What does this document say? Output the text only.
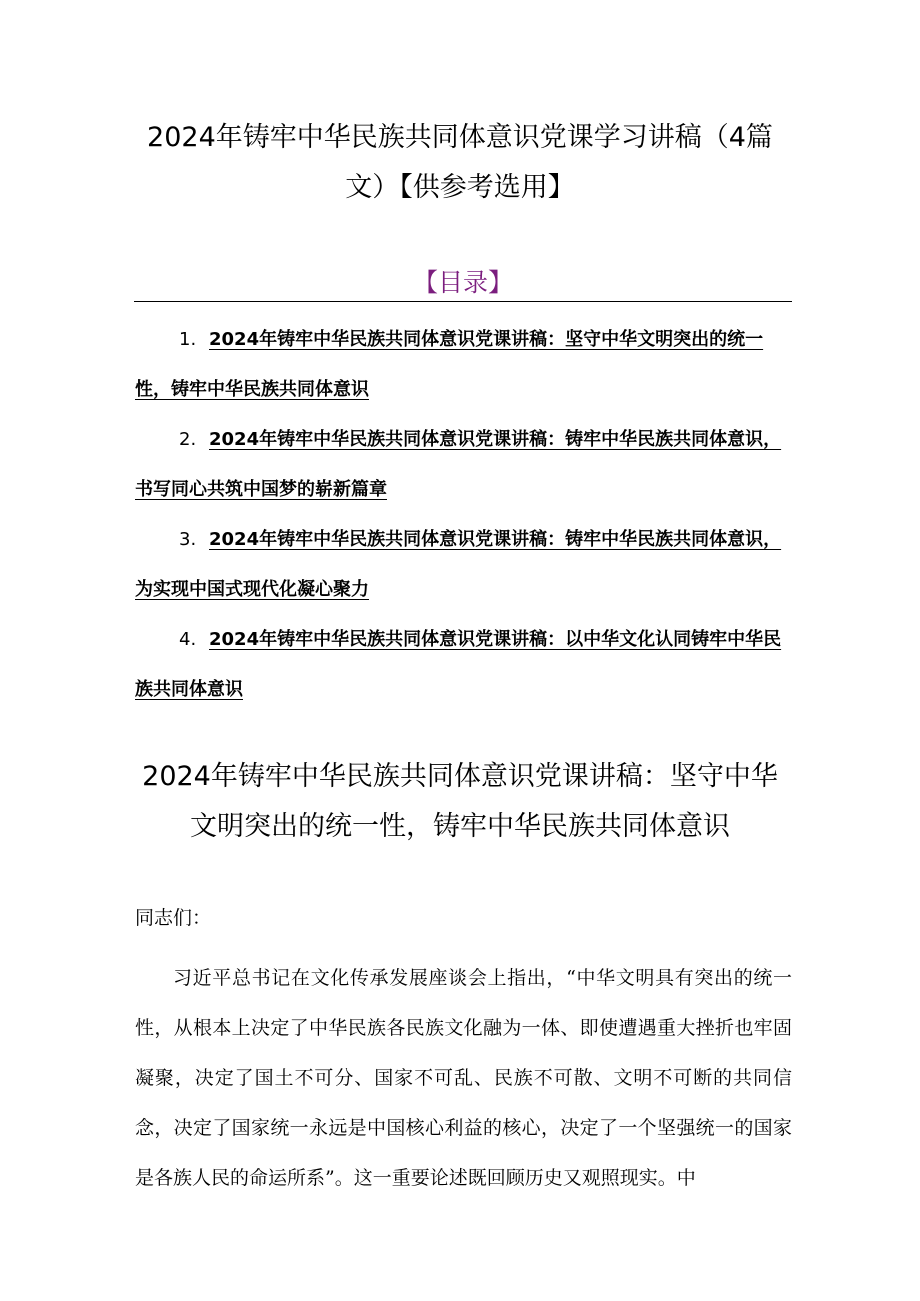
2024年铸牢中华民族共同体意识党课学习讲稿（4篇文）【供参考选用】
【目录】
1. 2024年铸牢中华民族共同体意识党课讲稿：坚守中华文明突出的统一性，铸牢中华民族共同体意识
2. 2024年铸牢中华民族共同体意识党课讲稿：铸牢中华民族共同体意识，书写同心共筑中国梦的崭新篇章
3. 2024年铸牢中华民族共同体意识党课讲稿：铸牢中华民族共同体意识，为实现中国式现代化凝心聚力
4. 2024年铸牢中华民族共同体意识党课讲稿：以中华文化认同铸牢中华民族共同体意识
2024年铸牢中华民族共同体意识党课讲稿：坚守中华文明突出的统一性，铸牢中华民族共同体意识

同志们：

习近平总书记在文化传承发展座谈会上指出，“中华文明具有突出的统一性，从根本上决定了中华民族各民族文化融为一体、即使遭遇重大挫折也牢固凝聚，决定了国土不可分、国家不可乱、民族不可散、文明不可断的共同信念，决定了国家统一永远是中国核心利益的核心，决定了一个坚强统一的国家是各族人民的命运所系”。这一重要论述既回顾历史又观照现实。中
